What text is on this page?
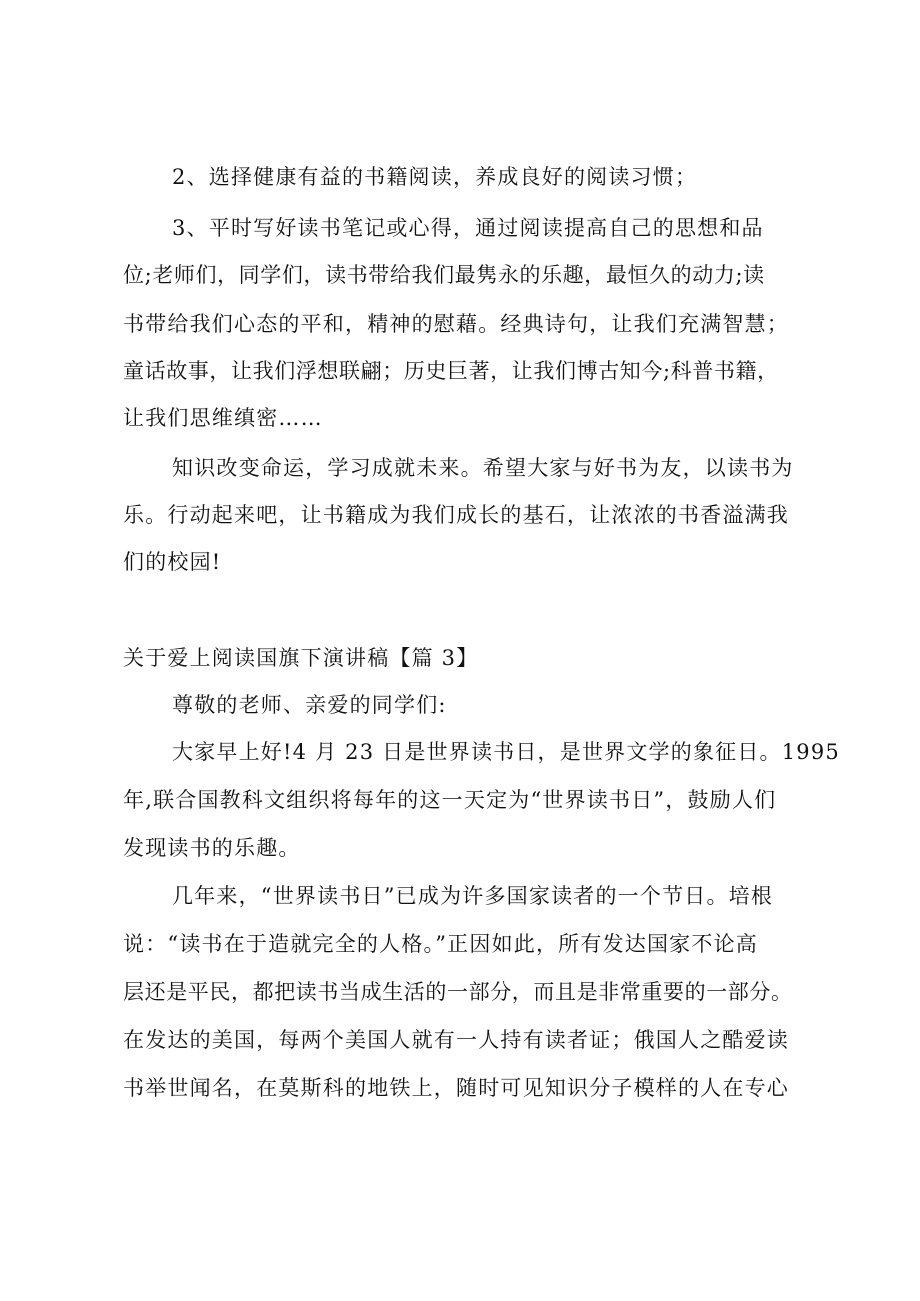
2、选择健康有益的书籍阅读，养成良好的阅读习惯；
3、平时写好读书笔记或心得，通过阅读提高自己的思想和品
位;老师们，同学们，读书带给我们最隽永的乐趣，最恒久的动力;读
书带给我们心态的平和，精神的慰藉。经典诗句，让我们充满智慧；
童话故事，让我们浮想联翩；历史巨著，让我们博古知今;科普书籍，
让我们思维缜密……
知识改变命运，学习成就未来。希望大家与好书为友，以读书为
乐。行动起来吧，让书籍成为我们成长的基石，让浓浓的书香溢满我
们的校园!
关于爱上阅读国旗下演讲稿【篇 3】
尊敬的老师、亲爱的同学们:
大家早上好!4 月 23 日是世界读书日，是世界文学的象征日。1995
年,联合国教科文组织将每年的这一天定为“世界读书日”，鼓励人们
发现读书的乐趣。
几年来，“世界读书日”已成为许多国家读者的一个节日。培根
说：“读书在于造就完全的人格。”正因如此，所有发达国家不论高
层还是平民，都把读书当成生活的一部分，而且是非常重要的一部分。
在发达的美国，每两个美国人就有一人持有读者证；俄国人之酷爱读
书举世闻名，在莫斯科的地铁上，随时可见知识分子模样的人在专心
